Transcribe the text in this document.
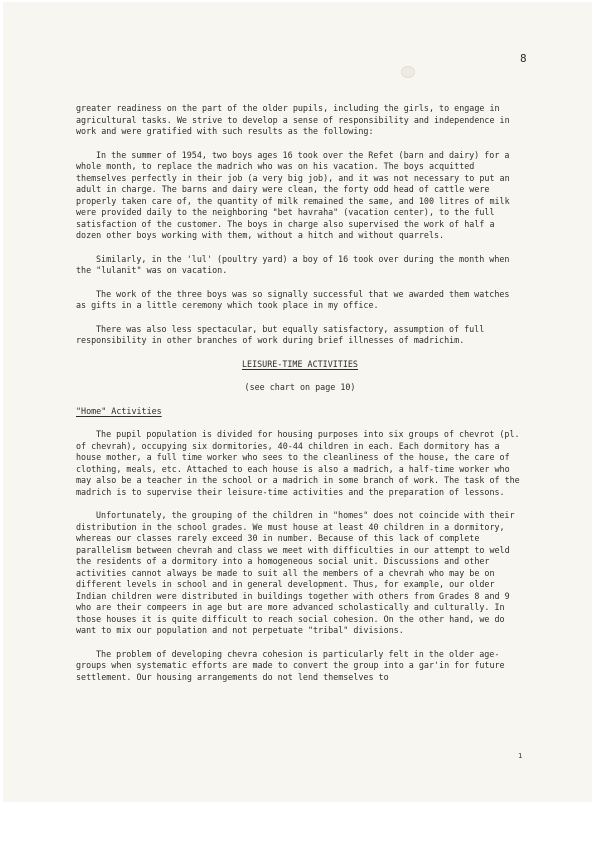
8

greater readiness on the part of the older pupils, including the girls, to engage in agricultural tasks. We strive to develop a sense of responsibility and independence in work and were gratified with such results as the following:

In the summer of 1954, two boys ages 16 took over the Refet (barn and dairy) for a whole month, to replace the madrich who was on his vacation. The boys acquitted themselves perfectly in their job (a very big job), and it was not necessary to put an adult in charge. The barns and dairy were clean, the forty odd head of cattle were properly taken care of, the quantity of milk remained the same, and 100 litres of milk were provided daily to the neighboring "bet havraha" (vacation center), to the full satisfaction of the customer. The boys in charge also supervised the work of half a dozen other boys working with them, without a hitch and without quarrels.

Similarly, in the 'lul' (poultry yard) a boy of 16 took over during the month when the "lulanit" was on vacation.

The work of the three boys was so signally successful that we awarded them watches as gifts in a little ceremony which took place in my office.

There was also less spectacular, but equally satisfactory, assumption of full responsibility in other branches of work during brief illnesses of madrichim.

LEISURE-TIME ACTIVITIES
(see chart on page 10)
"Home" Activities

The pupil population is divided for housing purposes into six groups of chevrot (pl. of chevrah), occupying six dormitories, 40-44 children in each. Each dormitory has a house mother, a full time worker who sees to the cleanliness of the house, the care of clothing, meals, etc. Attached to each house is also a madrich, a half-time worker who may also be a teacher in the school or a madrich in some branch of work. The task of the madrich is to supervise their leisure-time activities and the preparation of lessons.

Unfortunately, the grouping of the children in "homes" does not coincide with their distribution in the school grades. We must house at least 40 children in a dormitory, whereas our classes rarely exceed 30 in number. Because of this lack of complete parallelism between chevrah and class we meet with difficulties in our attempt to weld the residents of a dormitory into a homogeneous social unit. Discussions and other activities cannot always be made to suit all the members of a chevrah who may be on different levels in school and in general development. Thus, for example, our older Indian children were distributed in buildings together with others from Grades 8 and 9 who are their compeers in age but are more advanced scholastically and culturally. In those houses it is quite difficult to reach social cohesion. On the other hand, we do want to mix our population and not perpetuate "tribal" divisions.

The problem of developing chevra cohesion is particularly felt in the older age-groups when systematic efforts are made to convert the group into a gar'in for future settlement. Our housing arrangements do not lend themselves to

1
